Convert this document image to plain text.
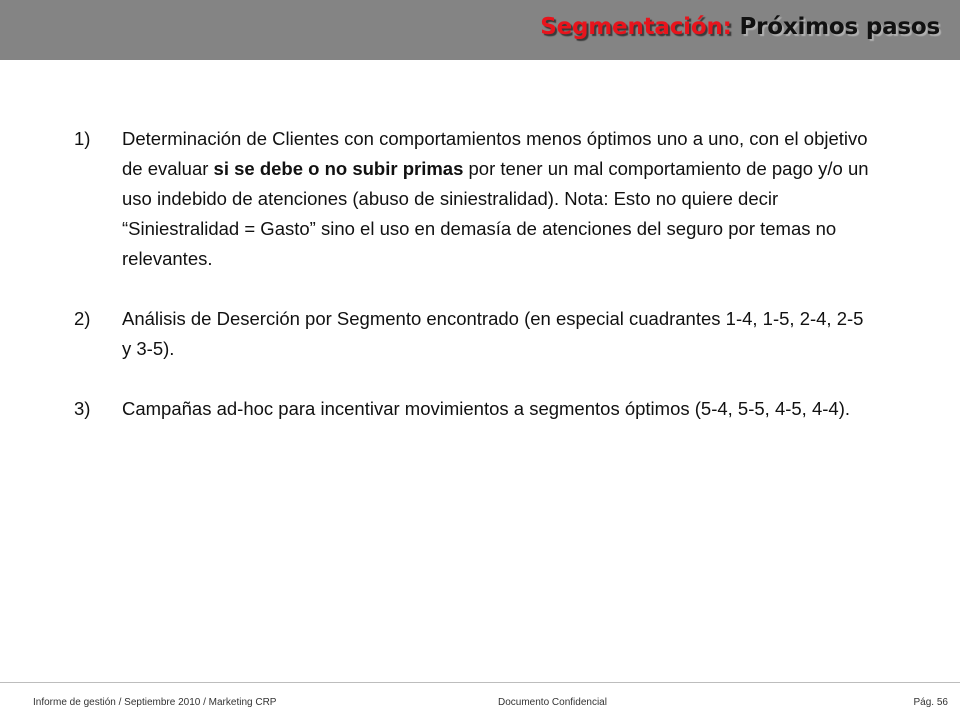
Segmentación: Próximos pasos
1) Determinación de Clientes con comportamientos menos óptimos uno a uno, con el objetivo de evaluar si se debe o no subir primas por tener un mal comportamiento de pago y/o un uso indebido de atenciones (abuso de siniestralidad). Nota: Esto no quiere decir “Siniestralidad = Gasto” sino el uso en demasía de atenciones del seguro por temas no relevantes.
2) Análisis de Deserción por Segmento encontrado (en especial cuadrantes 1-4, 1-5, 2-4, 2-5 y 3-5).
3) Campañas ad-hoc para incentivar movimientos a segmentos óptimos (5-4, 5-5, 4-5, 4-4).
Informe de gestión / Septiembre 2010 / Marketing CRP	Documento Confidencial	Pág. 56
